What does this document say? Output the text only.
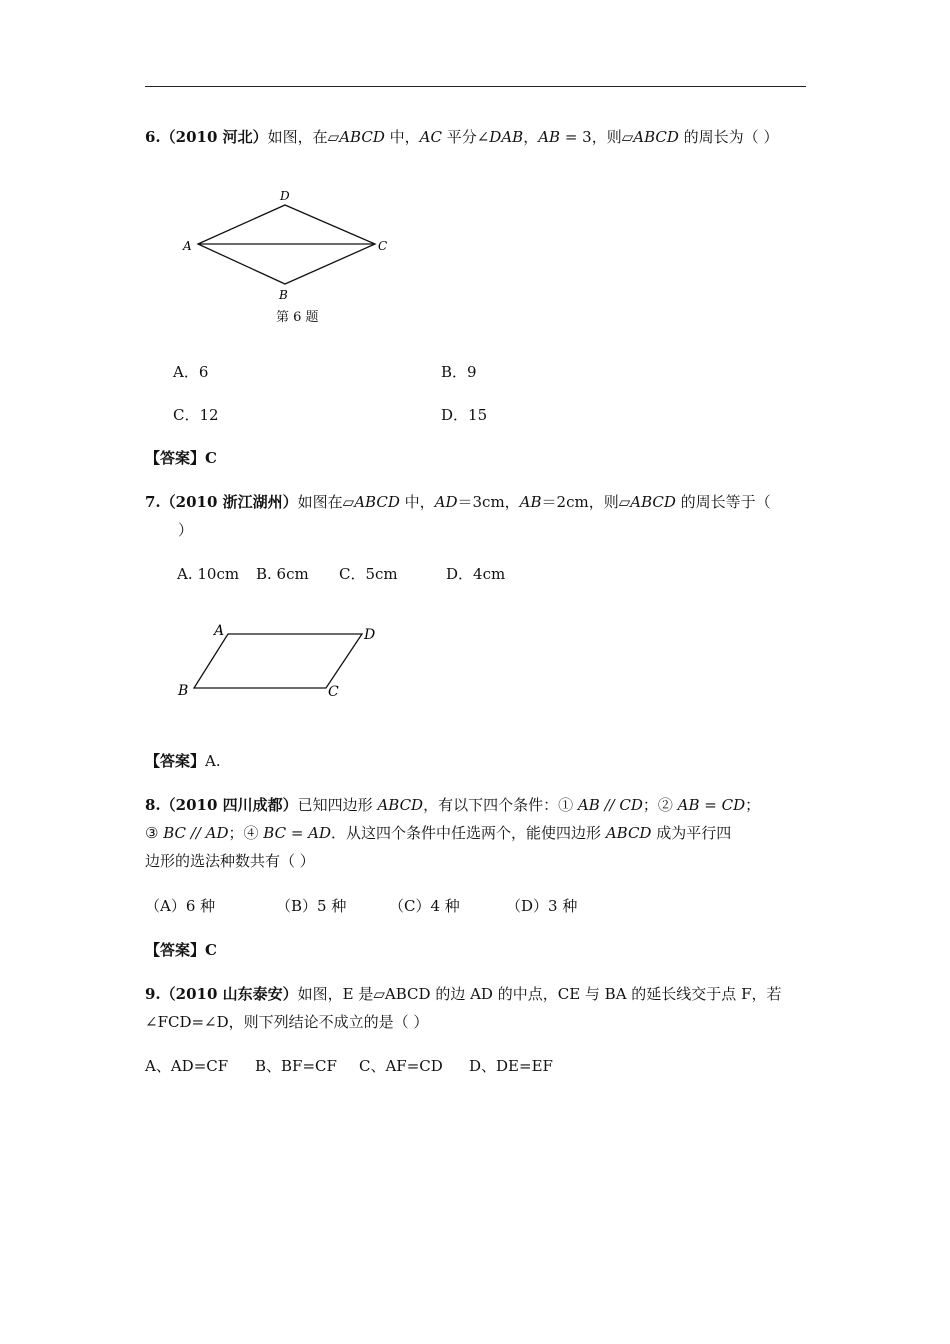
6.（2010 河北）如图，在▱ABCD 中，AC 平分∠DAB，AB = 3，则▱ABCD 的周长为（ ）
D
A	C
B
第 6 题
A．6	B．9
C．12	D．15
【答案】C
7.（2010 浙江湖州）如图在▱ABCD 中，AD＝3cm，AB＝2cm，则▱ABCD 的周长等于（
）
A. 10cm B. 6cm C．5cm	D．4cm
A	D
B	C
【答案】A.
8.（2010 四川成都）已知四边形 ABCD，有以下四个条件：① AB // CD；② AB = CD；
③ BC // AD；④ BC = AD．从这四个条件中任选两个，能使四边形 ABCD 成为平行四
边形的选法种数共有（ ）
（A）6 种	（B）5 种	（C）4 种	（D）3 种
【答案】C
9.（2010 山东泰安）如图，E 是▱ABCD 的边 AD 的中点，CE 与 BA 的延长线交于点 F，若
∠FCD=∠D，则下列结论不成立的是（ ）
A、AD=CF B、BF=CF C、AF=CD D、DE=EF
